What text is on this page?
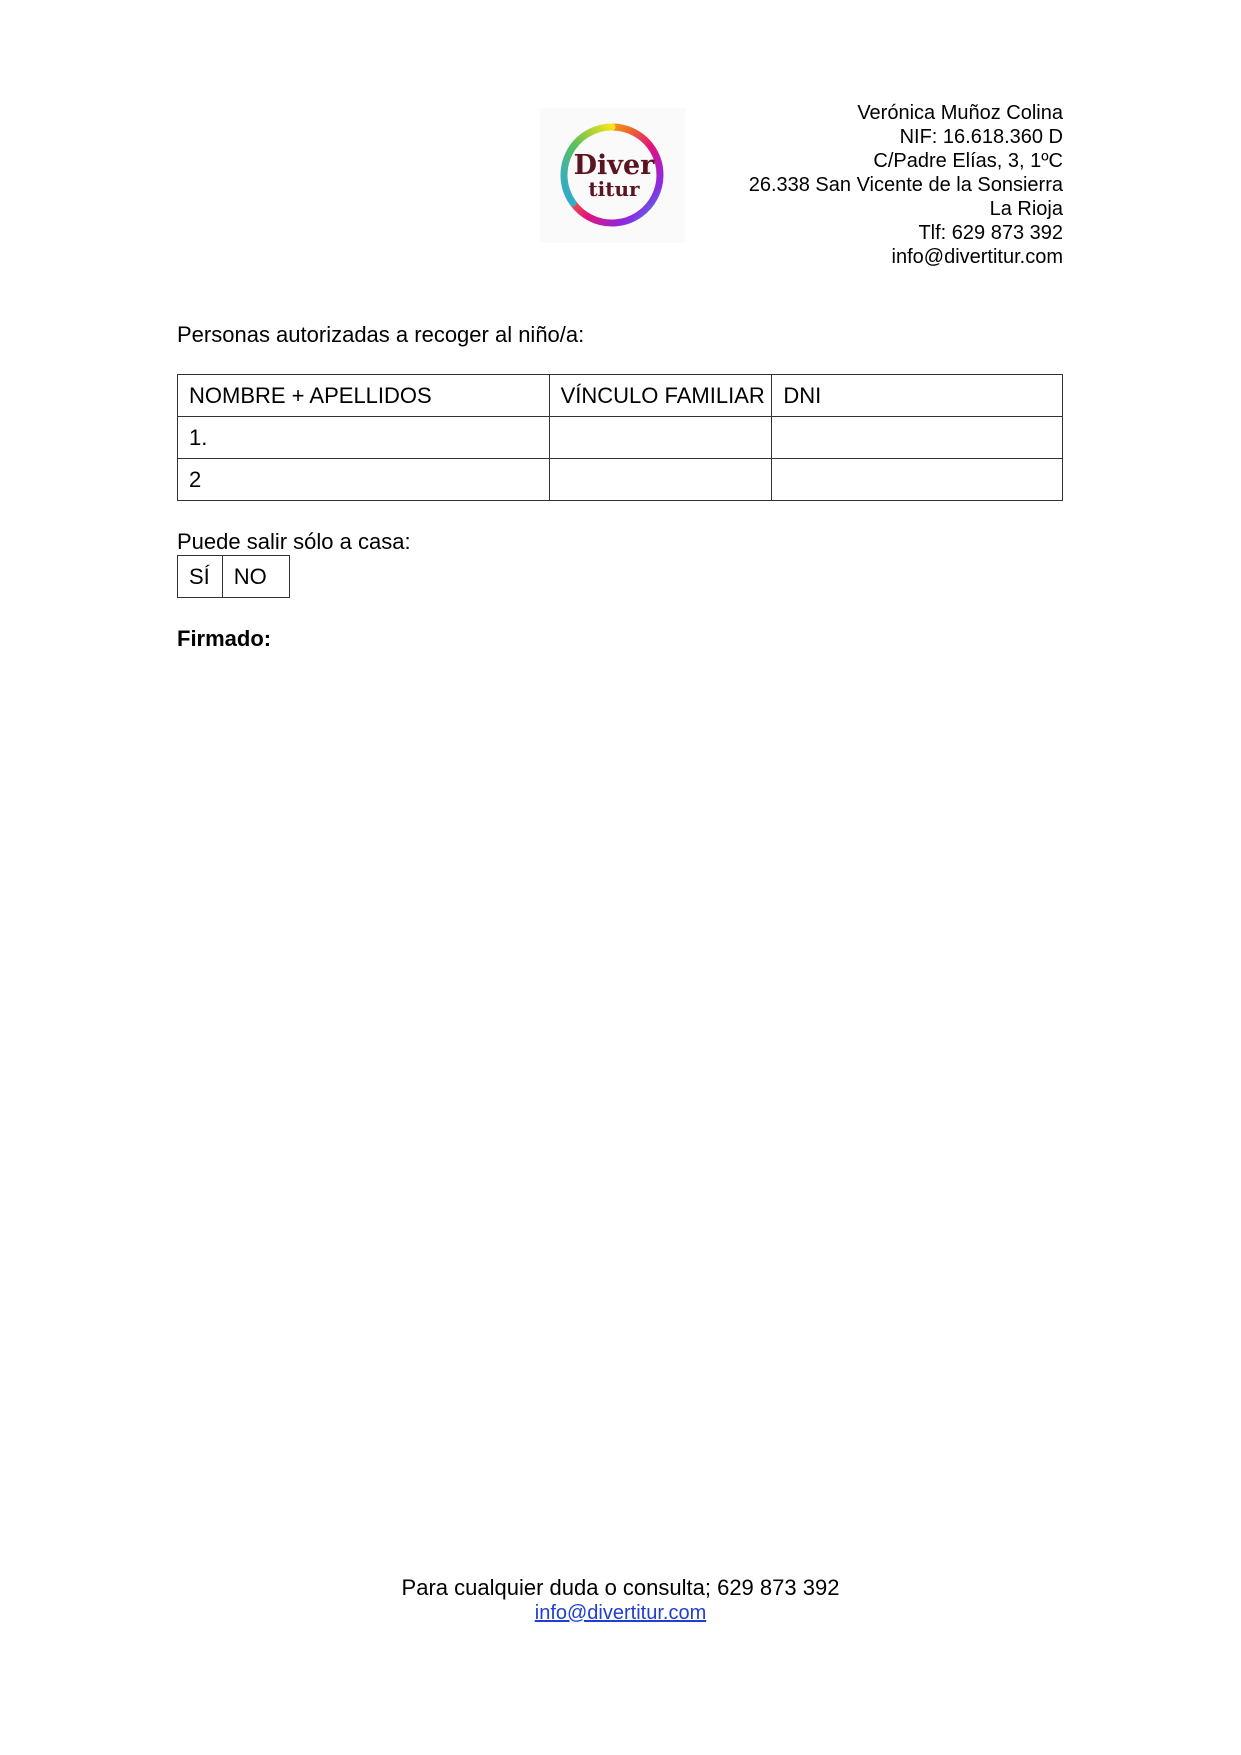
Diver
titur
Verónica Muñoz Colina
NIF: 16.618.360 D
C/Padre Elías, 3, 1ºC
26.338 San Vicente de la Sonsierra
La Rioja
Tlf: 629 873 392
info@divertitur.com
Personas autorizadas a recoger al niño/a:
NOMBRE + APELLIDOS	VÍNCULO FAMILIAR	DNI
1.		
2		
Puede salir sólo a casa:
SÍ	NO
Firmado:
Para cualquier duda o consulta; 629 873 392
info@divertitur.com
